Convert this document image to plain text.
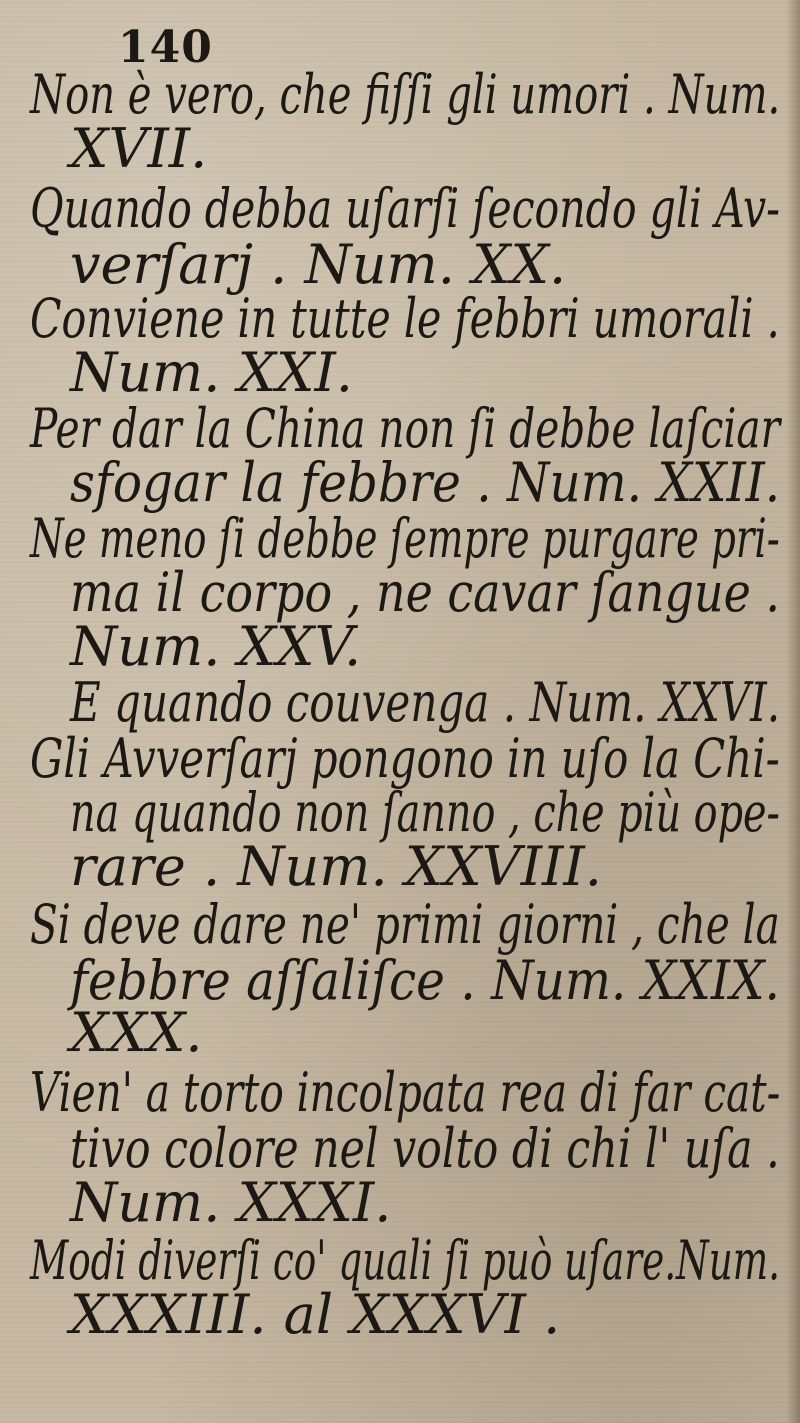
140
Non è vero, che fiſſi gli umori . Num.
XVII.
Quando debba uſarſi ſecondo gli Av-
verſarj . Num. XX.
Conviene in tutte le febbri umorali .
Num. XXI.
Per dar la China non ſi debbe laſciar
sfogar la febbre . Num. XXII.
Ne meno ſi debbe ſempre purgare pri-
ma il corpo , ne cavar ſangue .
Num. XXV.
E quando couvenga . Num. XXVI.
Gli Avverſarj pongono in uſo la Chi-
na quando non ſanno , che più ope-
rare . Num. XXVIII.
Si deve dare ne' primi giorni , che la
febbre aſſaliſce . Num. XXIX.
XXX.
Vien' a torto incolpata rea di far cat-
tivo colore nel volto di chi l' uſa .
Num. XXXI.
Modi diverſi co' quali ſi può uſare.Num.
XXXIII. al XXXVI .
